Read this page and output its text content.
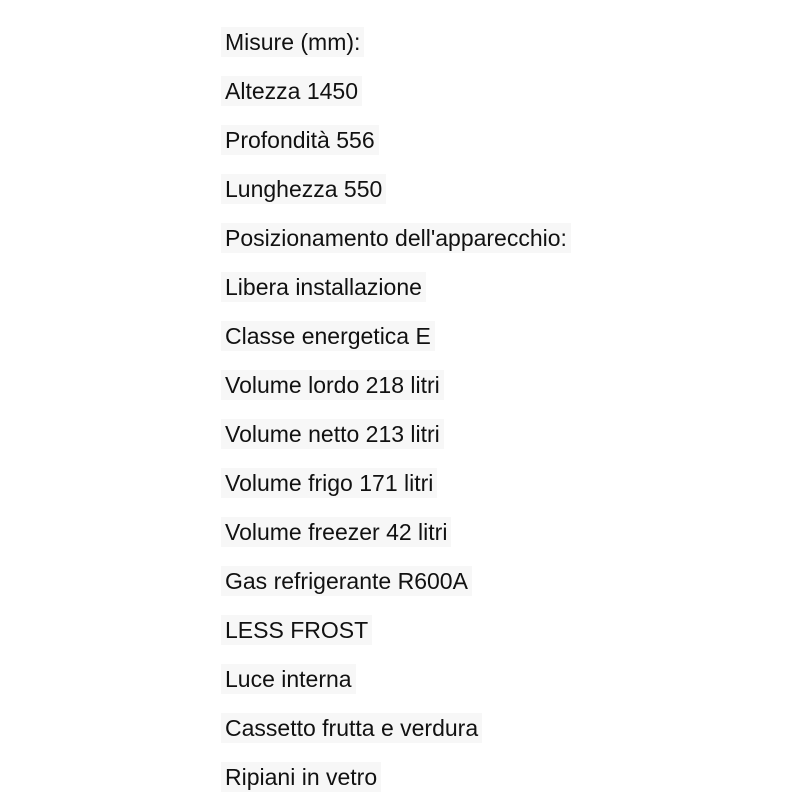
Misure (mm):
Altezza 1450
Profondità 556
Lunghezza 550
Posizionamento dell'apparecchio:
Libera installazione
Classe energetica E
Volume lordo 218 litri
Volume netto 213 litri
Volume frigo 171 litri
Volume freezer 42 litri
Gas refrigerante R600A
LESS FROST
Luce interna
Cassetto frutta e verdura
Ripiani in vetro
